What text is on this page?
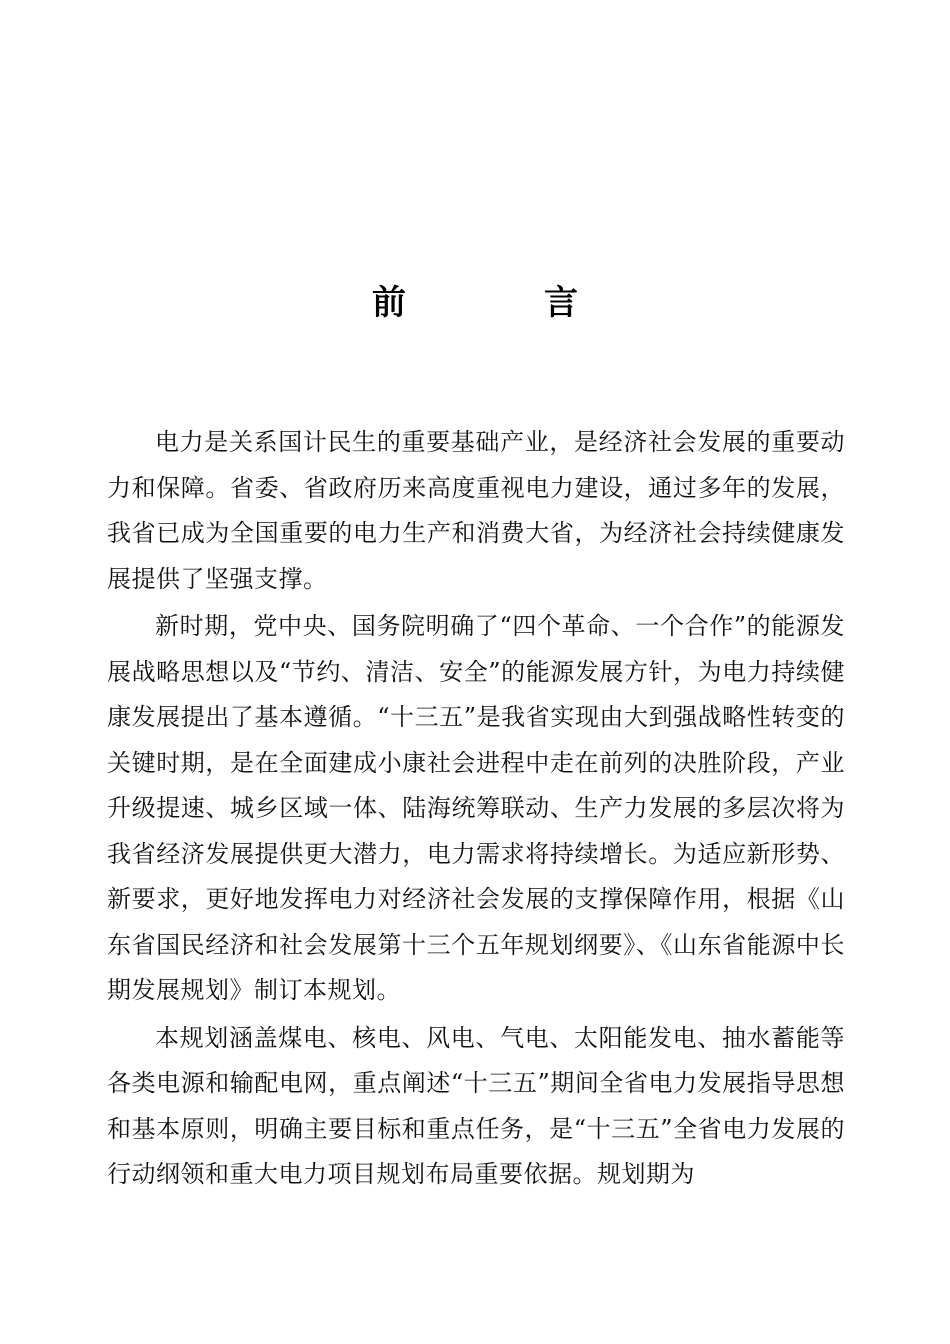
前	言

电力是关系国计民生的重要基础产业，是经济社会发展的重要动力和保障。省委、省政府历来高度重视电力建设，通过多年的发展，我省已成为全国重要的电力生产和消费大省，为经济社会持续健康发展提供了坚强支撑。

新时期，党中央、国务院明确了“四个革命、一个合作”的能源发展战略思想以及“节约、清洁、安全”的能源发展方针，为电力持续健康发展提出了基本遵循。“十三五”是我省实现由大到强战略性转变的关键时期，是在全面建成小康社会进程中走在前列的决胜阶段，产业升级提速、城乡区域一体、陆海统筹联动、生产力发展的多层次将为我省经济发展提供更大潜力，电力需求将持续增长。为适应新形势、新要求，更好地发挥电力对经济社会发展的支撑保障作用，根据《山东省国民经济和社会发展第十三个五年规划纲要》、《山东省能源中长期发展规划》制订本规划。

本规划涵盖煤电、核电、风电、气电、太阳能发电、抽水蓄能等各类电源和输配电网，重点阐述“十三五”期间全省电力发展指导思想和基本原则，明确主要目标和重点任务，是“十三五”全省电力发展的行动纲领和重大电力项目规划布局重要依据。规划期为
